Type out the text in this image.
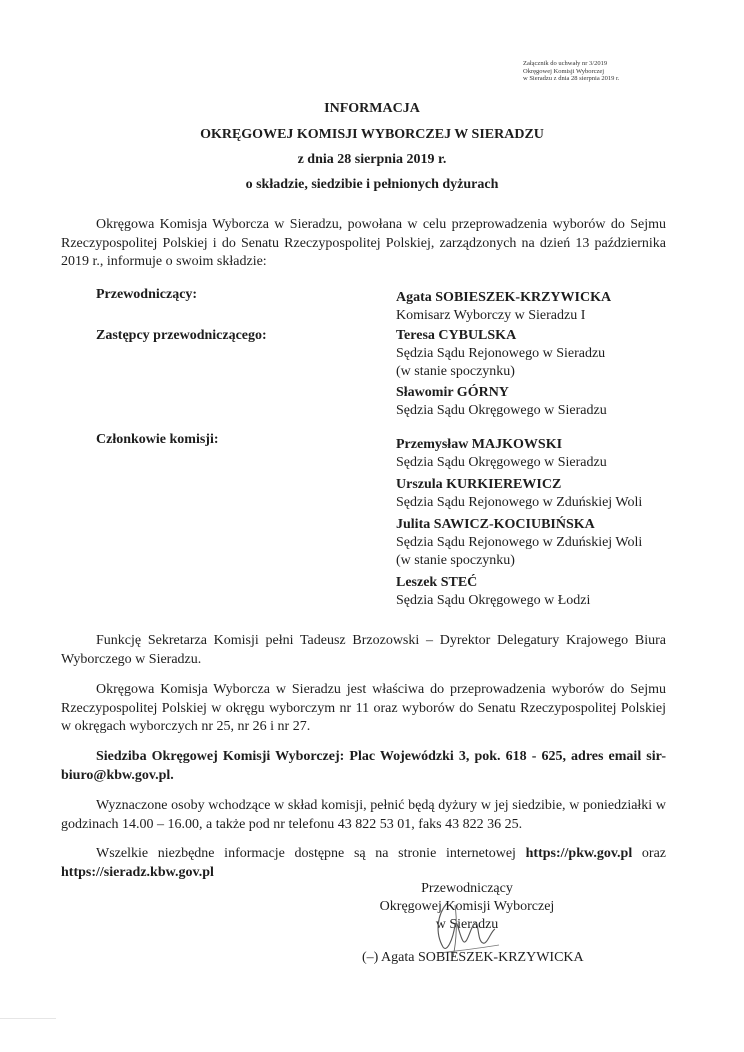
Załącznik do uchwały nr 3/2019
Okręgowej Komisji Wyborczej
w Sieradzu z dnia 28 sierpnia 2019 r.
INFORMACJA
OKRĘGOWEJ KOMISJI WYBORCZEJ W SIERADZU
z dnia 28 sierpnia 2019 r.
o składzie, siedzibie i pełnionych dyżurach
Okręgowa Komisja Wyborcza w Sieradzu, powołana w celu przeprowadzenia wyborów do Sejmu Rzeczypospolitej Polskiej i do Senatu Rzeczypospolitej Polskiej, zarządzonych na dzień 13 października 2019 r., informuje o swoim składzie:
Przewodniczący:
Zastępcy przewodniczącego:
Członkowie komisji:
Agata SOBIESZEK-KRZYWICKA
Komisarz Wyborczy w Sieradzu I
Teresa CYBULSKA
Sędzia Sądu Rejonowego w Sieradzu
(w stanie spoczynku)
Sławomir GÓRNY
Sędzia Sądu Okręgowego w Sieradzu
Przemysław MAJKOWSKI
Sędzia Sądu Okręgowego w Sieradzu
Urszula KURKIEREWICZ
Sędzia Sądu Rejonowego w Zduńskiej Woli
Julita SAWICZ-KOCIUBIŃSKA
Sędzia Sądu Rejonowego w Zduńskiej Woli
(w stanie spoczynku)
Leszek STEĆ
Sędzia Sądu Okręgowego w Łodzi
Funkcję Sekretarza Komisji pełni Tadeusz Brzozowski – Dyrektor Delegatury Krajowego Biura Wyborczego w Sieradzu.
Okręgowa Komisja Wyborcza w Sieradzu jest właściwa do przeprowadzenia wyborów do Sejmu Rzeczypospolitej Polskiej w okręgu wyborczym nr 11 oraz wyborów do Senatu Rzeczypospolitej Polskiej w okręgach wyborczych nr 25, nr 26 i nr 27.
Siedziba Okręgowej Komisji Wyborczej: Plac Wojewódzki 3, pok. 618 - 625, adres email sir-biuro@kbw.gov.pl.
Wyznaczone osoby wchodzące w skład komisji, pełnić będą dyżury w jej siedzibie, w poniedziałki w godzinach 14.00 – 16.00, a także pod nr telefonu 43 822 53 01, faks 43 822 36 25.
Wszelkie niezbędne informacje dostępne są na stronie internetowej https://pkw.gov.pl oraz https://sieradz.kbw.gov.pl
Przewodniczący
Okręgowej Komisji Wyborczej
w Sieradzu
(–) Agata SOBIESZEK-KRZYWICKA
